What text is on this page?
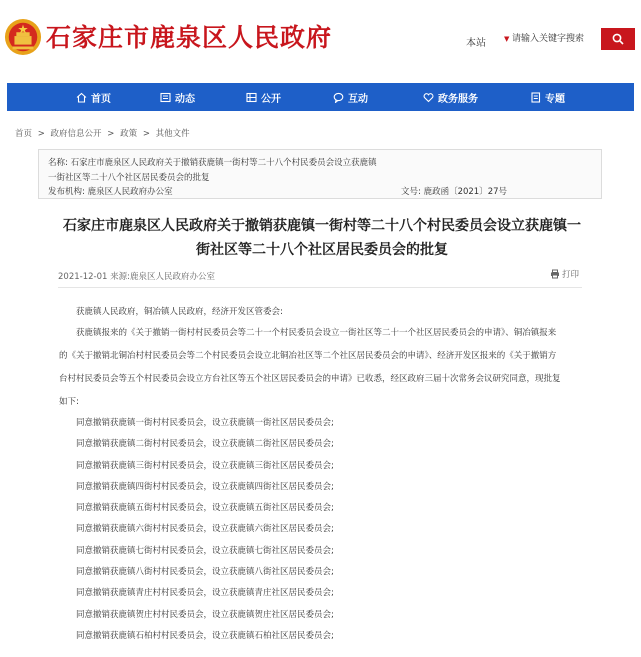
石家庄市鹿泉区人民政府	本站	▼
请输入关键字搜索
首页	动态	公开	互动	政务服务	专题
首页 > 政府信息公开 > 政策 > 其他文件
名称: 石家庄市鹿泉区人民政府关于撤销获鹿镇一街村等二十八个村民委员会设立获鹿镇
一街社区等二十八个社区居民委员会的批复
发布机构: 鹿泉区人民政府办公室	文号: 鹿政函〔2021〕27号
石家庄市鹿泉区人民政府关于撤销获鹿镇一街村等二十八个村民委员会设立获鹿镇一
街社区等二十八个社区居民委员会的批复
2021-12-01 来源:鹿泉区人民政府办公室	打印
获鹿镇人民政府，铜冶镇人民政府，经济开发区管委会:
获鹿镇报来的《关于撤销一街村村民委员会等二十一个村民委员会设立一街社区等二十一个社区居民委员会的申请》、铜冶镇报来
的《关于撤销北铜冶村村民委员会等二个村民委员会设立北铜冶社区等二个社区居民委员会的申请》、经济开发区报来的《关于撤销方
台村村民委员会等五个村民委员会设立方台社区等五个社区居民委员会的申请》已收悉，经区政府三届十次常务会议研究同意，现批复
如下:
同意撤销获鹿镇一街村村民委员会，设立获鹿镇一街社区居民委员会;
同意撤销获鹿镇二街村村民委员会，设立获鹿镇二街社区居民委员会;
同意撤销获鹿镇三街村村民委员会，设立获鹿镇三街社区居民委员会;
同意撤销获鹿镇四街村村民委员会，设立获鹿镇四街社区居民委员会;
同意撤销获鹿镇五街村村民委员会，设立获鹿镇五街社区居民委员会;
同意撤销获鹿镇六街村村民委员会，设立获鹿镇六街社区居民委员会;
同意撤销获鹿镇七街村村民委员会，设立获鹿镇七街社区居民委员会;
同意撤销获鹿镇八街村村民委员会，设立获鹿镇八街社区居民委员会;
同意撤销获鹿镇青庄村村民委员会，设立获鹿镇青庄社区居民委员会;
同意撤销获鹿镇贺庄村村民委员会，设立获鹿镇贺庄社区居民委员会;
同意撤销获鹿镇石柏村村民委员会，设立获鹿镇石柏社区居民委员会;
